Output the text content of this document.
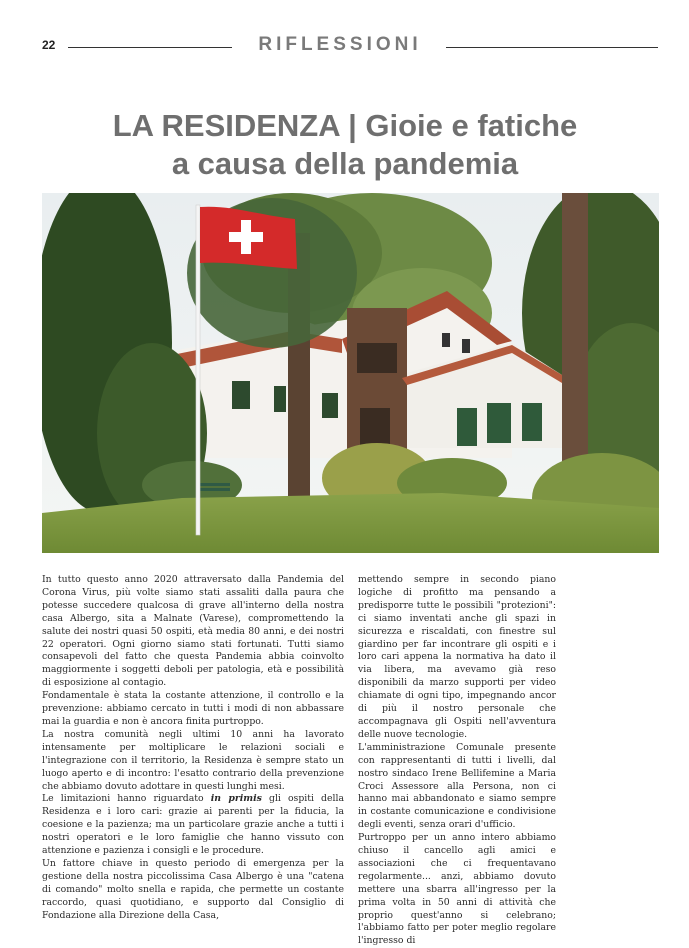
22	RIFLESSIONI
LA RESIDENZA | Gioie e fatiche
a causa della pandemia

In tutto questo anno 2020 attraversato dalla Pandemia del Corona Virus, più volte siamo stati assaliti dalla paura che potesse succedere qualcosa di grave all'interno della nostra casa Albergo, sita a Malnate (Varese), compromettendo la salute dei nostri quasi 50 ospiti, età media 80 anni, e dei nostri 22 operatori. Ogni giorno siamo stati fortunati. Tutti siamo consapevoli del fatto che questa Pandemia abbia coinvolto maggiormente i soggetti deboli per patologia, età e possibilità di esposizione al contagio.

Fondamentale è stata la costante attenzione, il controllo e la prevenzione: abbiamo cercato in tutti i modi di non abbassare mai la guardia e non è ancora finita purtroppo.

La nostra comunità negli ultimi 10 anni ha lavorato intensamente per moltiplicare le relazioni sociali e l'integrazione con il territorio, la Residenza è sempre stato un luogo aperto e di incontro: l'esatto contrario della prevenzione che abbiamo dovuto adottare in questi lunghi mesi.

Le limitazioni hanno riguardato in primis gli ospiti della Residenza e i loro cari: grazie ai parenti per la fiducia, la coesione e la pazienza; ma un particolare grazie anche a tutti i nostri operatori e le loro famiglie che hanno vissuto con attenzione e pazienza i consigli e le procedure.

Un fattore chiave in questo periodo di emergenza per la gestione della nostra piccolissima Casa Albergo è una "catena di comando" molto snella e rapida, che permette un costante raccordo, quasi quotidiano, e supporto dal Consiglio di Fondazione alla Direzione della Casa,

mettendo sempre in secondo piano logiche di profitto ma pensando a predisporre tutte le possibili "protezioni": ci siamo inventati anche gli spazi in sicurezza e riscaldati, con finestre sul giardino per far incontrare gli ospiti e i loro cari appena la normativa ha dato il via libera, ma avevamo già reso disponibili da marzo supporti per video chiamate di ogni tipo, impegnando ancor di più il nostro personale che accompagnava gli Ospiti nell'avventura delle nuove tecnologie.

L'amministrazione Comunale presente con rappresentanti di tutti i livelli, dal nostro sindaco Irene Bellifemine a Maria Croci Assessore alla Persona, non ci hanno mai abbandonato e siamo sempre in costante comunicazione e condivisione degli eventi, senza orari d'ufficio.

Purtroppo per un anno intero abbiamo chiuso il cancello agli amici e associazioni che ci frequentavano regolarmente... anzi, abbiamo dovuto mettere una sbarra all'ingresso per la prima volta in 50 anni di attività che proprio quest'anno si celebrano; l'abbiamo fatto per poter meglio regolare l'ingresso di
